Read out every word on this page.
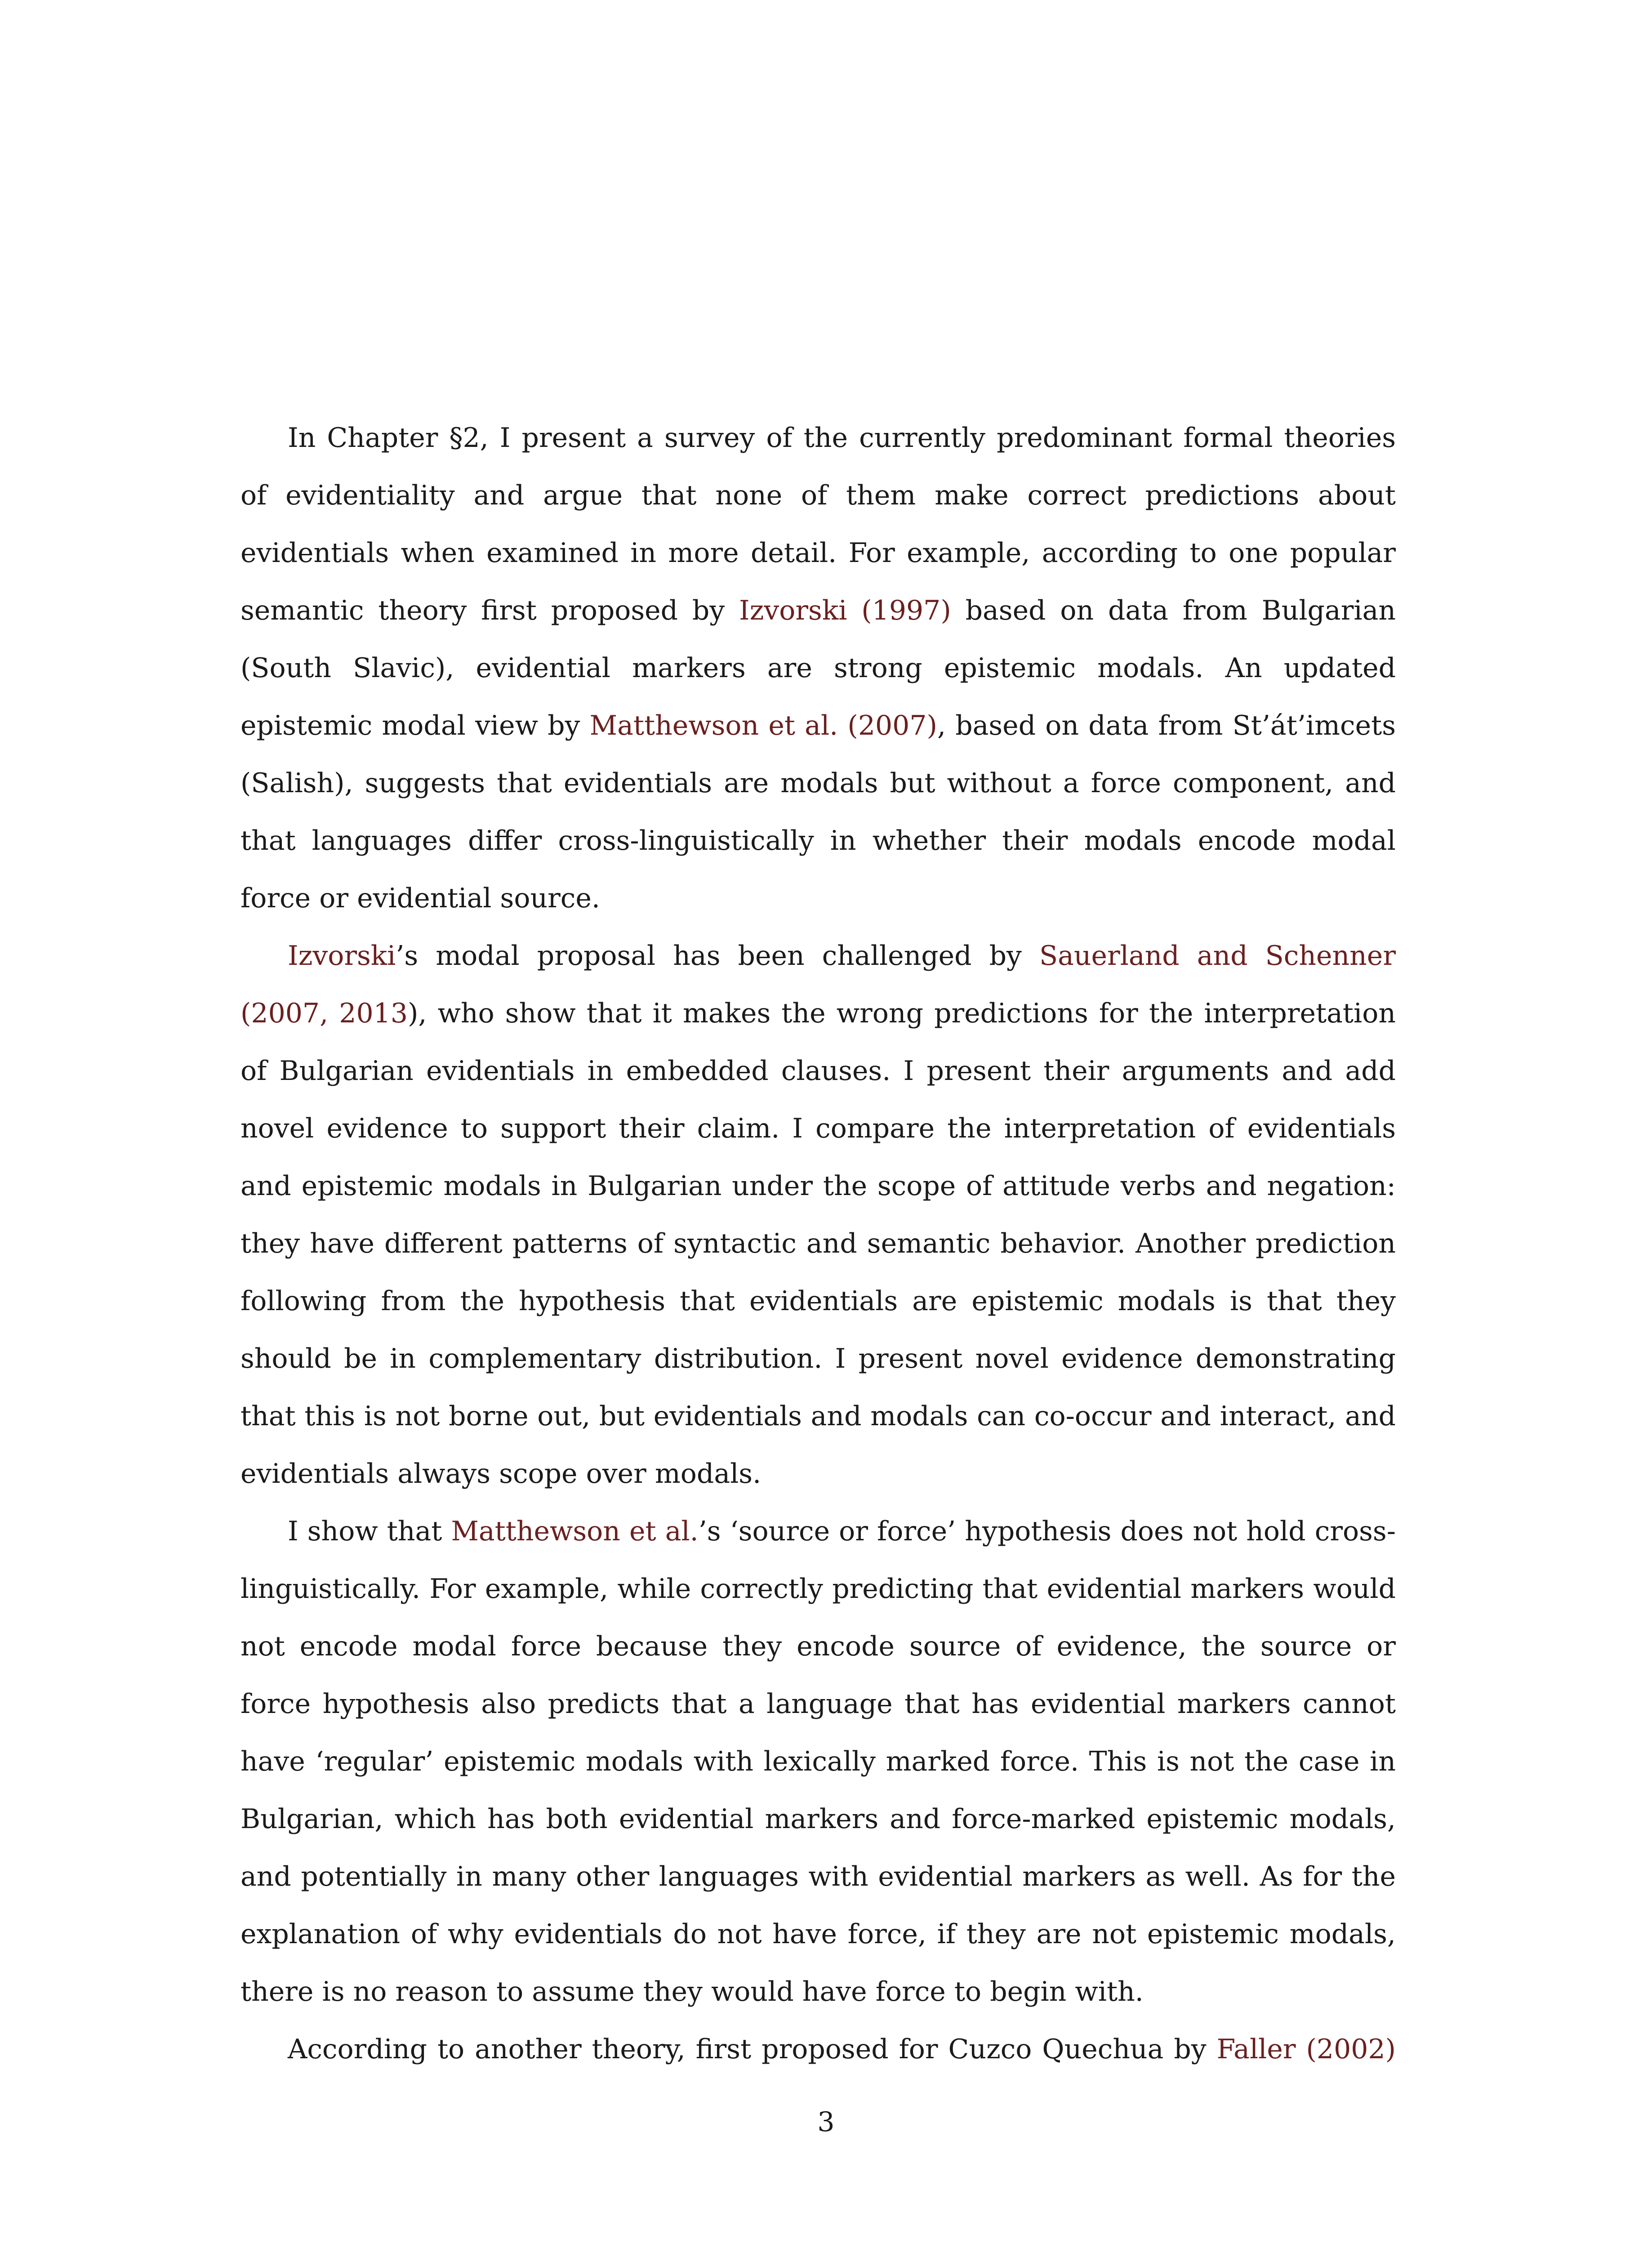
In Chapter §2, I present a survey of the currently predominant formal theories of evidentiality and argue that none of them make correct predictions about evidentials when examined in more detail. For example, according to one popular semantic theory first proposed by Izvorski (1997) based on data from Bulgarian (South Slavic), evidential markers are strong epistemic modals. An updated epistemic modal view by Matthewson et al. (2007), based on data from St’át’imcets (Salish), suggests that evidentials are modals but without a force component, and that languages differ cross-linguistically in whether their modals encode modal force or evidential source.

Izvorski’s modal proposal has been challenged by Sauerland and Schenner (2007, 2013), who show that it makes the wrong predictions for the interpretation of Bulgarian evidentials in embedded clauses. I present their arguments and add novel evidence to support their claim. I compare the interpretation of evidentials and epistemic modals in Bulgarian under the scope of attitude verbs and negation: they have different patterns of syntactic and semantic behavior. Another prediction following from the hypothesis that evidentials are epistemic modals is that they should be in complementary distribution. I present novel evidence demonstrating that this is not borne out, but evidentials and modals can co-occur and interact, and evidentials always scope over modals.

I show that Matthewson et al.’s ‘source or force’ hypothesis does not hold cross-linguistically. For example, while correctly predicting that evidential markers would not encode modal force because they encode source of evidence, the source or force hypothesis also predicts that a language that has evidential markers cannot have ‘regular’ epistemic modals with lexically marked force. This is not the case in Bulgarian, which has both evidential markers and force-marked epistemic modals, and potentially in many other languages with evidential markers as well. As for the explanation of why evidentials do not have force, if they are not epistemic modals, there is no reason to assume they would have force to begin with.

According to another theory, first proposed for Cuzco Quechua by Faller (2002)

3
